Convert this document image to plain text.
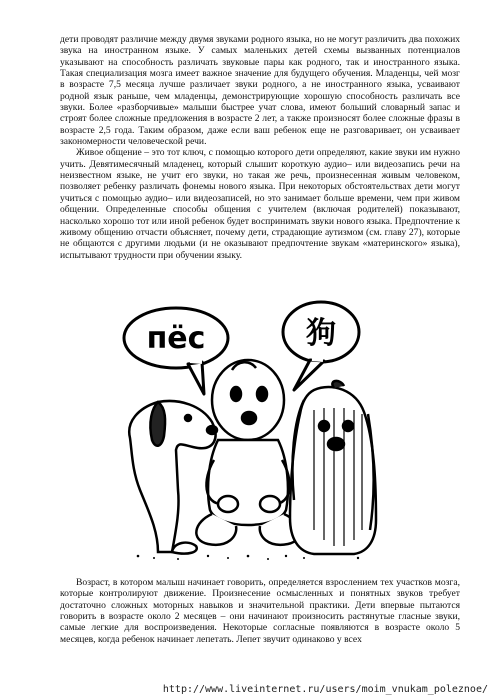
дети проводят различие между двумя звуками родного языка, но не могут различить два похожих звука на иностранном языке. У самых маленьких детей схемы вызванных потенциалов указывают на способность различать звуковые пары как родного, так и иностранного языка. Такая специализация мозга имеет важное значение для будущего обучения. Младенцы, чей мозг в возрасте 7,5 месяца лучше различает звуки родного, а не иностранного языка, усваивают родной язык раньше, чем младенцы, демонстрирующие хорошую способность различать все звуки. Более «разборчивые» малыши быстрее учат слова, имеют больший словарный запас и строят более сложные предложения в возрасте 2 лет, а также произносят более сложные фразы в возрасте 2,5 года. Таким образом, даже если ваш ребенок еще не разговаривает, он усваивает закономерности человеческой речи.

Живое общение – это тот ключ, с помощью которого дети определяют, какие звуки им нужно учить. Девятимесячный младенец, который слышит короткую аудио– или видеозапись речи на неизвестном языке, не учит его звуки, но такая же речь, произнесенная живым человеком, позволяет ребенку различать фонемы нового языка. При некоторых обстоятельствах дети могут учиться с помощью аудио– или видеозаписей, но это занимает больше времени, чем при живом общении. Определенные способы общения с учителем (включая родителей) показывают, насколько хорошо тот или иной ребенок будет воспринимать звуки нового языка. Предпочтение к живому общению отчасти объясняет, почему дети, страдающие аутизмом (см. главу 27), которые не общаются с другими людьми (и не оказывают предпочтение звукам «материнского» языка), испытывают трудности при обучении языку.

пёс	狗

Возраст, в котором малыш начинает говорить, определяется взрослением тех участков мозга, которые контролируют движение. Произнесение осмысленных и понятных звуков требует достаточно сложных моторных навыков и значительной практики. Дети впервые пытаются говорить в возрасте около 2 месяцев – они начинают произносить растянутые гласные звуки, самые легкие для воспроизведения. Некоторые согласные появляются в возрасте около 5 месяцев, когда ребенок начинает лепетать. Лепет звучит одинаково у всех

http://www.liveinternet.ru/users/moim_vnukam_poleznoe/
